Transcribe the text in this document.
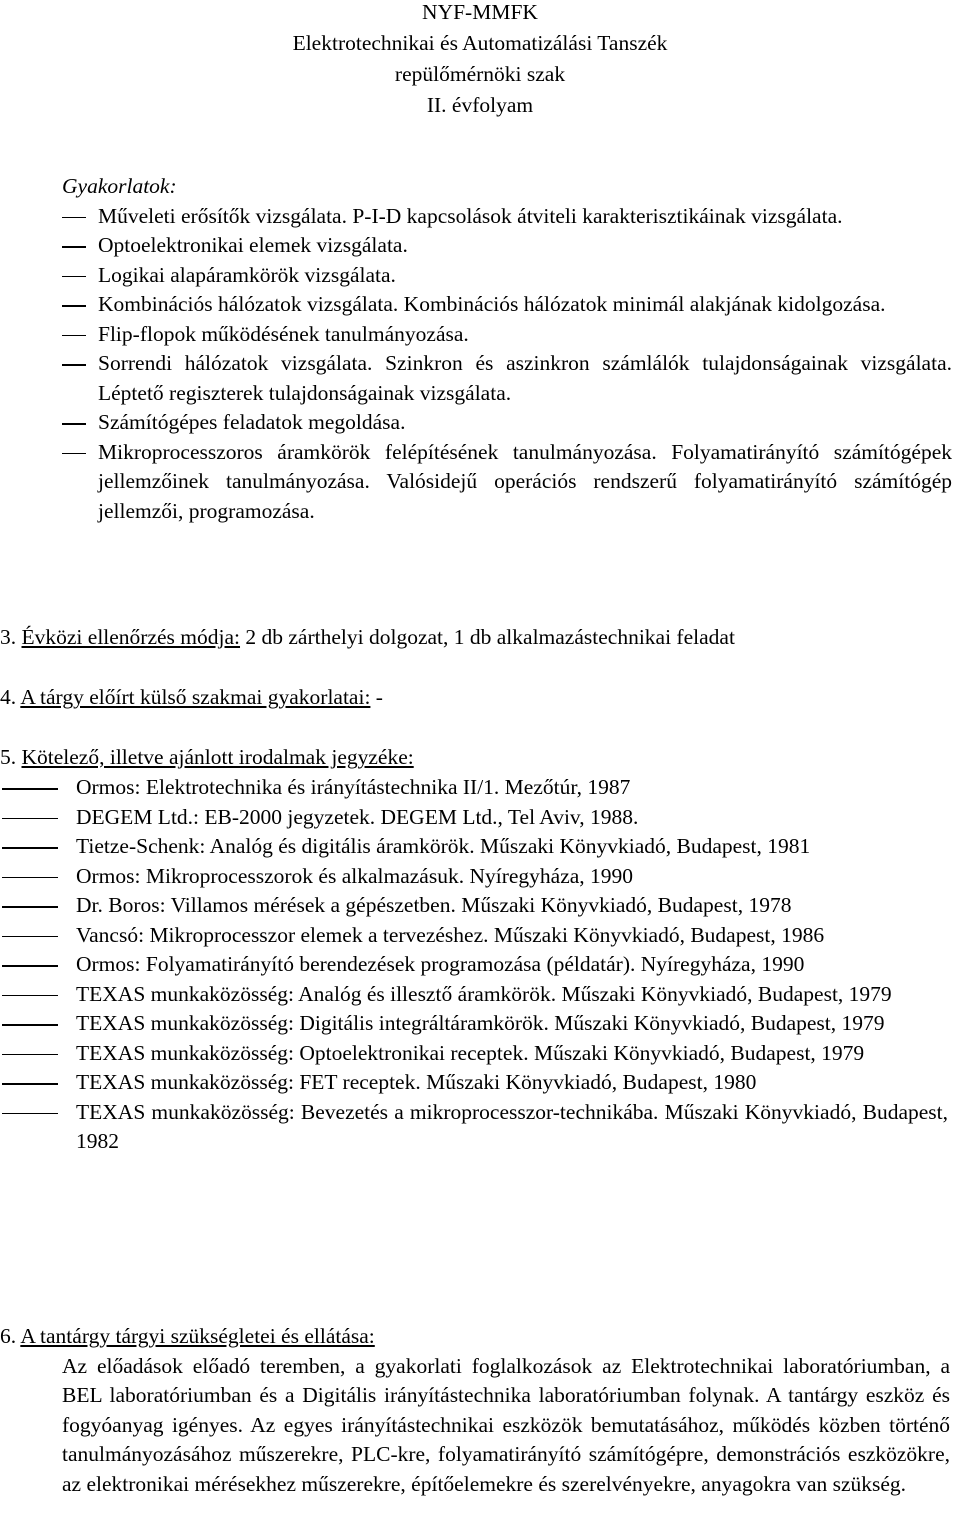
NYF-MMFK
Elektrotechnikai és Automatizálási Tanszék
repülőmérnöki szak
II. évfolyam
Gyakorlatok:
Műveleti erősítők vizsgálata. P-I-D kapcsolások átviteli karakterisztikáinak vizsgálata.
Optoelektronikai elemek vizsgálata.
Logikai alapáramkörök vizsgálata.
Kombinációs hálózatok vizsgálata. Kombinációs hálózatok minimál alakjának kidolgozása.
Flip-flopok működésének tanulmányozása.
Sorrendi hálózatok vizsgálata. Szinkron és aszinkron számlálók tulajdonságainak vizsgálata. Léptető regiszterek tulajdonságainak vizsgálata.
Számítógépes feladatok megoldása.
Mikroprocesszoros áramkörök felépítésének tanulmányozása. Folyamatirányító számítógépek jellemzőinek tanulmányozása. Valósidejű operációs rendszerű folyamatirányító számítógép jellemzői, programozása.
3. Évközi ellenőrzés módja: 2 db zárthelyi dolgozat, 1 db alkalmazástechnikai feladat
4. A tárgy előírt külső szakmai gyakorlatai: -
5. Kötelező, illetve ajánlott irodalmak jegyzéke:
Ormos: Elektrotechnika és irányítástechnika II/1. Mezőtúr, 1987
DEGEM Ltd.: EB-2000 jegyzetek. DEGEM Ltd., Tel Aviv, 1988.
Tietze-Schenk: Analóg és digitális áramkörök. Műszaki Könyvkiadó, Budapest, 1981
Ormos: Mikroprocesszorok és alkalmazásuk. Nyíregyháza, 1990
Dr. Boros: Villamos mérések a gépészetben. Műszaki Könyvkiadó, Budapest, 1978
Vancsó: Mikroprocesszor elemek a tervezéshez. Műszaki Könyvkiadó, Budapest, 1986
Ormos: Folyamatirányító berendezések programozása (példatár). Nyíregyháza, 1990
TEXAS munkaközösség: Analóg és illesztő áramkörök. Műszaki Könyvkiadó, Budapest, 1979
TEXAS munkaközösség: Digitális integráltáramkörök. Műszaki Könyvkiadó, Budapest, 1979
TEXAS munkaközösség: Optoelektronikai receptek. Műszaki Könyvkiadó, Budapest, 1979
TEXAS munkaközösség: FET receptek. Műszaki Könyvkiadó, Budapest, 1980
TEXAS munkaközösség: Bevezetés a mikroprocesszor-technikába. Műszaki Könyvkiadó, Budapest, 1982
6. A tantárgy tárgyi szükségletei és ellátása:
Az előadások előadó teremben, a gyakorlati foglalkozások az Elektrotechnikai laboratóriumban, a BEL laboratóriumban és a Digitális irányítástechnika laboratóriumban folynak. A tantárgy eszköz és fogyóanyag igényes. Az egyes irányítástechnikai eszközök bemutatásához, működés közben történő tanulmányozásához műszerekre, PLC-kre, folyamatirányító számítógépre, demonstrációs eszközökre, az elektronikai mérésekhez műszerekre, építőelemekre és szerelvényekre, anyagokra van szükség.
